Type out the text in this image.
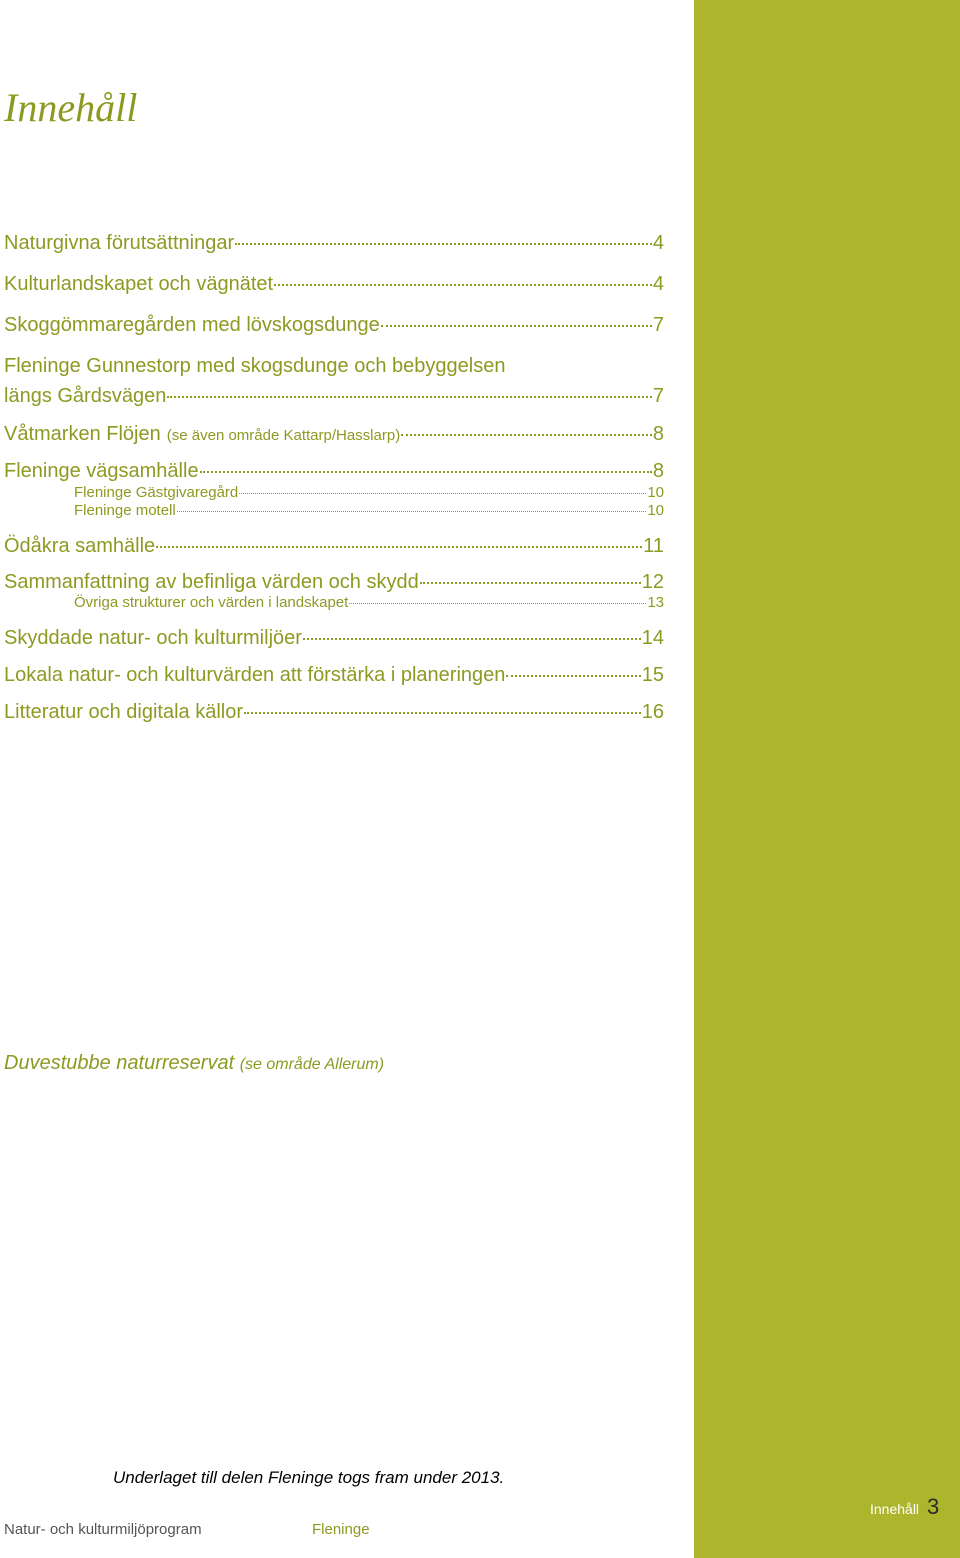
Innehåll
Naturgivna förutsättningar	4
Kulturlandskapet och vägnätet	4
Skoggömmaregården med lövskogsdunge	7
Fleninge Gunnestorp med skogsdunge och bebyggelsen
längs Gårdsvägen	7
Våtmarken Flöjen (se även område Kattarp/Hasslarp)	8
Fleninge vägsamhälle	8
Fleninge Gästgivaregård	10
Fleninge motell	10
Ödåkra samhälle	11
Sammanfattning av befinliga värden och skydd	12
Övriga strukturer och värden i landskapet	13
Skyddade natur- och kulturmiljöer	14
Lokala natur- och kulturvärden att förstärka i planeringen	15
Litteratur och digitala källor	16
Duvestubbe naturreservat (se område Allerum)
Underlaget till delen Fleninge togs fram under 2013.
Natur- och kulturmiljöprogram	Fleninge
Innehåll 3
